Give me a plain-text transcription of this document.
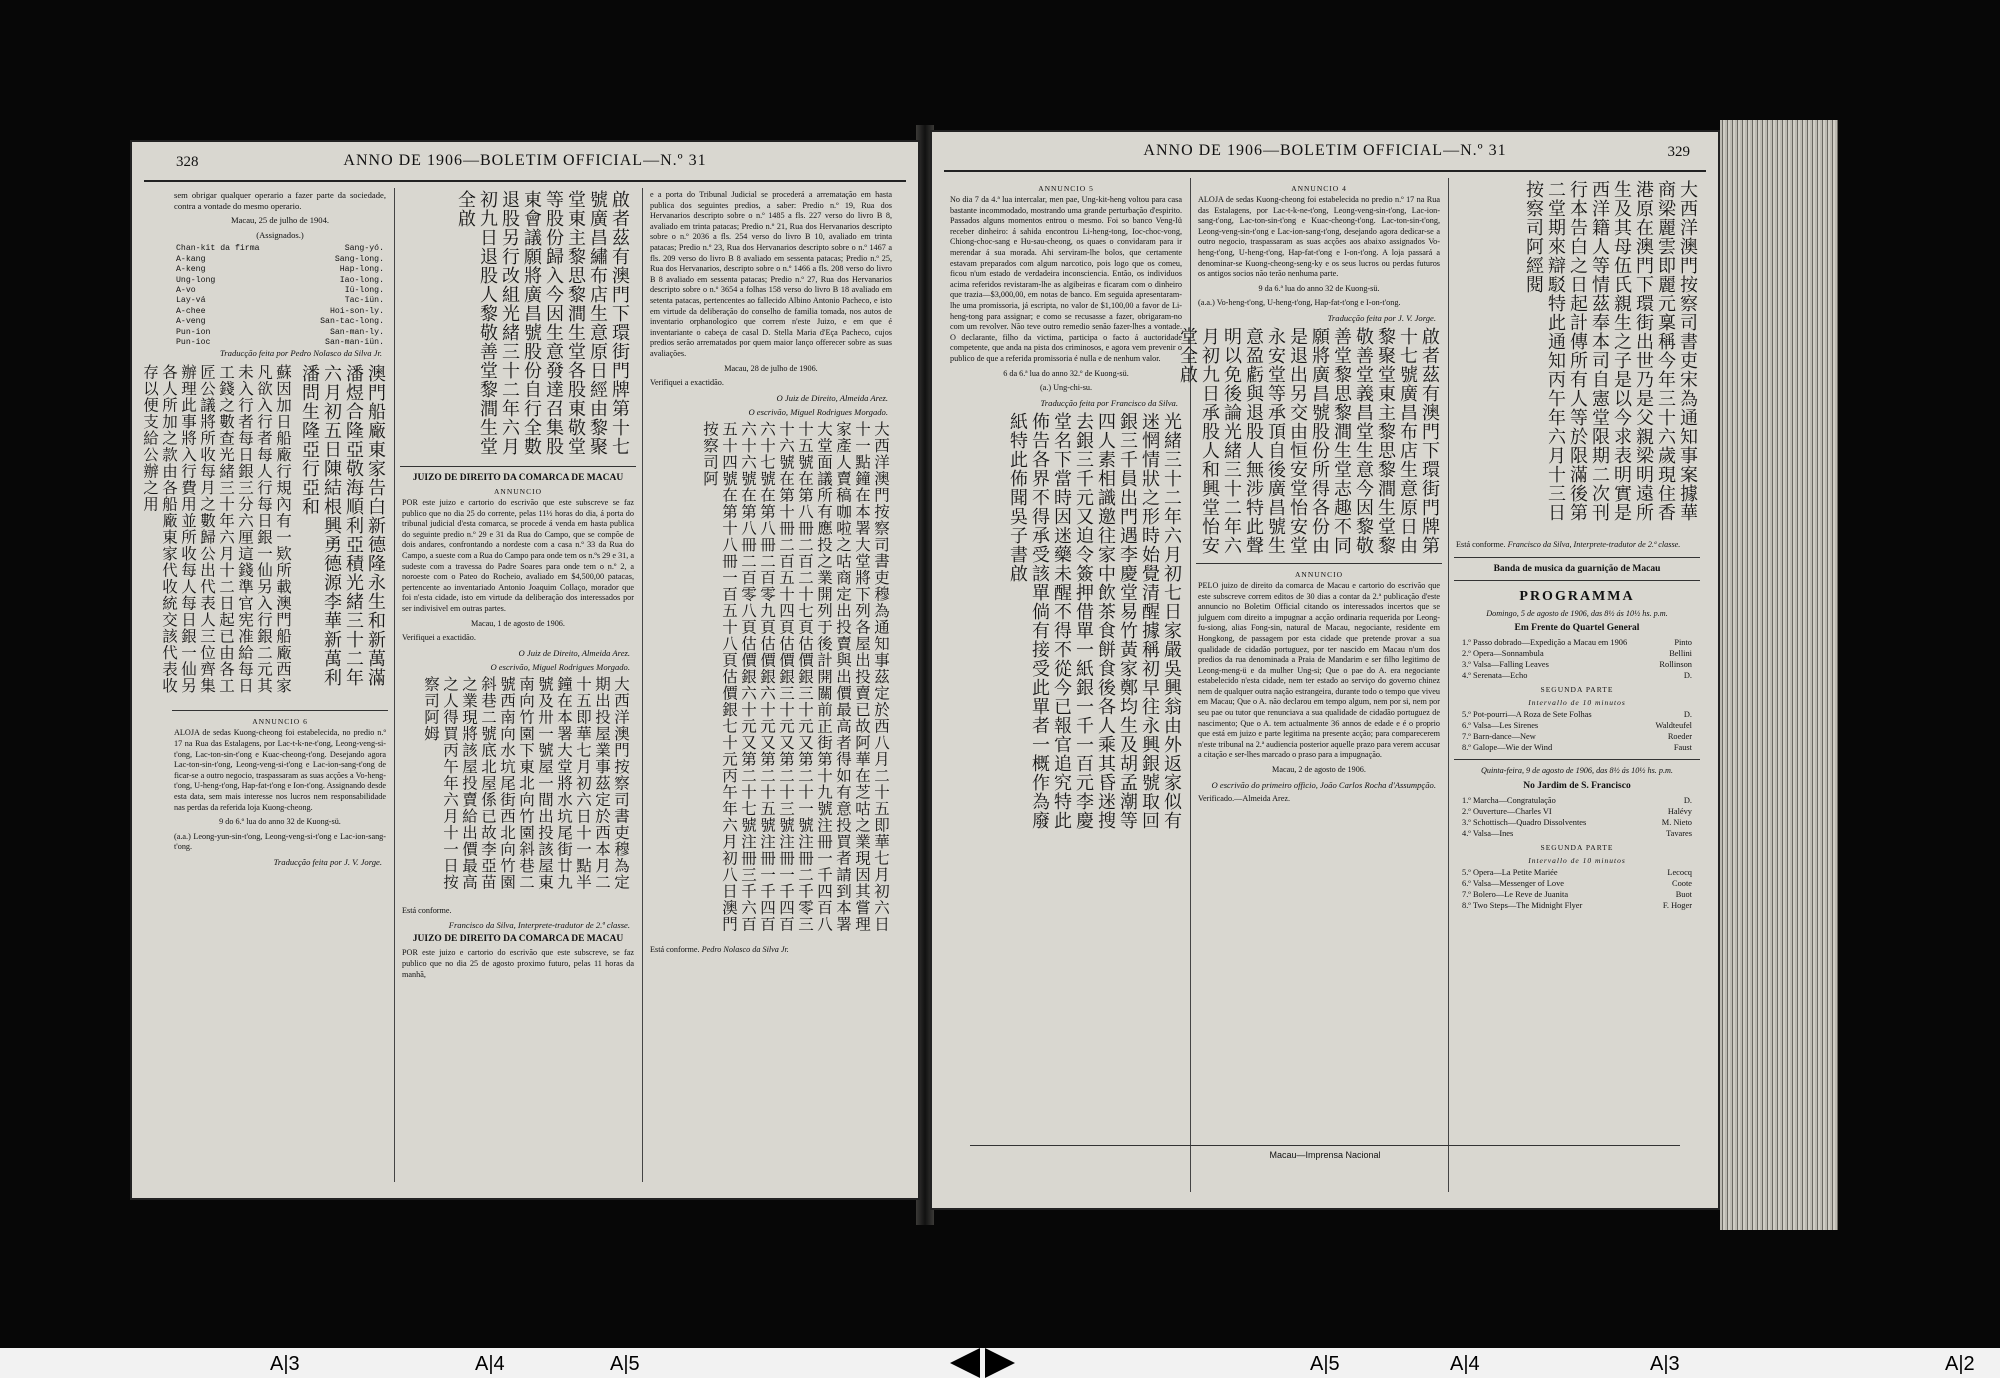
328	ANNO DE 1906—BOLETIM OFFICIAL—N.º 31

sem obrigar qualquer operario a fazer parte da sociedade, contra a vontade do mesmo operario.

Macau, 25 de julho de 1904.

(Assignados.)

Chan-kit da firma	Sang-yó.
A-kang	Sang-long.
A-keng	Hap-long.
Ung-long	Iao-long.
A-vo	Iü-long.
Lay-vá	Tac-iün.
A-chee	Hoi-son-ly.
A-veng	San-tac-long.
Pun-ion	San-man-ly.
Pun-ioc	San-man-iün.

Traducção feita por Pedro Nolasco da Silva Jr.

蘇因加日船廠行規內有一欵所載澳門船廠西家凡欲入行者每人行每日銀一仙另入行銀二元其未入行者每日銀三分六厘這錢準官宪准給每日工錢之數查光緒三十年六月十二日起已由各工匠公議將所收每月之數歸公出代表人三位齊集辦理此事將入行費用並所收每人每日銀一仙另各人所加之款由各船廠東家代收統交該代表收存以便支給公辦之用	澳門船廠東家告白新德隆永生和新萬滿潘煜合隆亞敬海順利亞積光緒三十二年六月初五日陳結根興勇德源李華新萬利潘問生隆亞行亞和
ANNUNCIO 6

ALOJA de sedas Kuong-cheong foi estabelecida, no predio n.º 17 na Rua das Estalagens, por Lac-t-k-ne-t'ong, Leong-veng-si-t'ong, Lac-ton-sin-t'ong e Kuac-cheong-t'ong. Desejando agora Lac-ton-sin-t'ong, Leong-veng-si-t'ong e Lac-ion-sang-t'ong de ficar-se a outro negocio, traspassaram as suas acções a Vo-heng-t'ong, U-heng-t'ong, Hap-fat-t'ong e Ion-t'ong. Assignando desde esta data, sem mais interesse nos lucros nem responsabilidade nas perdas da referida loja Kuong-cheong.

9 do 6.º lua do anno 32 de Kuong-sü.

(a.a.) Leong-yun-sin-t'ong, Leong-veng-si-t'ong e Lac-ion-sang-t'ong.

Traducção feita por J. V. Jorge.

啟者茲有澳門下環街門牌第十七號廣昌繡布店生意原日經由黎聚堂東主黎思黎澗生堂各股東敬堂等股份歸入今因生意發達召集股東會議願將廣昌號股份自行全數退股另行改組光緒三十二年六月初九日退股人黎敬善堂黎澗生堂全啟
JUIZO DE DIREITO DA COMARCA DE MACAU
ANNUNCIO

POR este juizo e cartorio do escrivão que este subscreve se faz publico que no dia 25 do corrente, pelas 11½ horas do dia, á porta do tribunal judicial d'esta comarca, se procede á venda em hasta publica do seguinte predio n.º 29 e 31 da Rua do Campo, que se compõe de dois andares, confrontando a nordeste com a casa n.º 33 da Rua do Campo, a sueste com a Rua do Campo para onde tem os n.ºs 29 e 31, a sudeste com a travessa do Padre Soares para onde tem o n.º 2, a noroeste com o Pateo do Rocheio, avaliado em $4,500,00 patacas, pertencente ao inventariado Antonio Joaquim Collaço, morador que foi n'esta cidade, isto em virtude da deliberação dos interessados por ser indivisivel em outras partes.

Macau, 1 de agosto de 1906.

Verifiquei a exactidão.

O Juiz de Direito, Almeida Arez.

O escrivão, Miguel Rodrigues Morgado.

大西洋澳門按察司書吏穆為定期出投屋業事茲定於西本月二十五即華七月初六日十一點半鐘在本署大堂將水坑尾街廿九號及卅一號屋一間出投該屋東南向竹園下東北向竹園斜巷二號西南向水坑尾街西北向竹園斜巷二號底北屋係已故李亞苗之業現將該屋投賣給出價最高之人得買丙午年六月十一日按察司阿姆

Está conforme.

Francisco da Silva, Interprete-tradutor de 2.ª classe.

JUIZO DE DIREITO DA COMARCA DE MACAU

POR este juizo e cartorio do escrivão que este subscreve, se faz publico que no dia 25 de agosto proximo futuro, pelas 11 horas da manhã,

e a porta do Tribunal Judicial se procederá a arrematação em hasta publica dos seguintes predios, a saber: Predio n.º 19, Rua dos Hervanarios descripto sobre o n.º 1485 a fls. 227 verso do livro B 8, avaliado em trinta patacas; Predio n.º 21, Rua dos Hervanarios descripto sobre o n.º 2036 a fls. 254 verso do livro B 10, avaliado em trinta patacas; Predio n.º 23, Rua dos Hervanarios descripto sobre o n.º 1467 a fls. 209 verso do livro B 8 avaliado em sessenta patacas; Predio n.º 25, Rua dos Hervanarios, descripto sobre o n.º 1466 a fls. 208 verso do livro B 8 avaliado em sessenta patacas; Predio n.º 27, Rua dos Hervanarios descripto sobre o n.º 3654 a folhas 158 verso do livro B 18 avaliado em setenta patacas, pertencentes ao fallecido Albino Antonio Pacheco, e isto em virtude da deliberação do conselho de familia tomada, nos autos de inventario orphanologico que correm n'este Juizo, e em que é inventariante o cabeça de casal D. Stella Maria d'Eça Pacheco, cujos predios serão arrematados por quem maior lanço offerecer sobre as suas avaliações.

Macau, 28 de julho de 1906.

Verifiquei a exactidão.

O Juiz de Direito, Almeida Arez.

O escrivão, Miguel Rodrigues Morgado.

大西洋澳門按察司書吏穆為通知事茲定於西八月二十五即華七月初六日十一點鐘在本署大堂將下列各屋出投賣已故阿華在芝咕之業現因其嘗理家產人賣稿咖啦之咕商定出投賣與出價最高者得如有意投買者請到本署大堂面議所有應投之業開列于後計開關前正街第十九號注冊一千四百八十五號在第八冊二百二十七頁估價銀三十元又第二十一號注冊二千零三十六號在第十冊二百五十四頁估價銀三十元又第二十三號注冊一千四百六十七號在第八冊二百零九頁估價銀六十元又第二十五號注冊一千四百六十六號在第八冊二百零八頁估價銀六十元又第二十七號注冊三千六百五十四號在第十八冊一百五十八頁估價銀七十元丙午年六月初八日澳門按察司阿

Está conforme. Pedro Nolasco da Silva Jr.

ANNO DE 1906—BOLETIM OFFICIAL—N.º 31	329
ANNUNCIO 5

No dia 7 da 4.ª lua intercalar, men pae, Ung-kit-heng voltou para casa bastante incommodado, mostrando uma grande perturbação d'espirito. Passados alguns momentos entrou o mesmo. Foi so banco Veng-Iü receber dinheiro: á sahida encontrou Li-heng-tong, Ioc-choc-vong, Chiong-choc-sang e Hu-sau-cheong, os quaes o convidaram para ir merendar á sua morada. Ahi serviram-lhe bolos, que certamente estavam preparados com algum narcotico, pois logo que os comeu, ficou n'um estado de verdadeira inconsciencia. Então, os individuos acima referidos revistaram-lhe as algibeiras e ficaram com o dinheiro que trazia—$3,000,00, em notas de banco. Em seguida apresentaram-lhe uma promissoria, já escripta, no valor de $1,100,00 a favor de Li-heng-tong para assignar; e como se recusasse a fazer, obrigaram-no com um revolver. Não teve outro remedio senão fazer-lhes a vontade. O declarante, filho da victima, participa o facto á auctoridade competente, que anda na pista dos criminosos, e agora vem prevenir o publico de que a referida promissoria é nulla e de nenhum valor.

6 da 6.ª lua do anno 32.º de Kuong-sü.

(a.) Ung-chi-su.

Traducção feita por Francisco da Silva.

光緒三十二年六月初七日家嚴吳興翁由外返家似有迷惘情狀之形時始覺清醒據稱初早往永興銀號取回銀三千員出門遇李慶堂易竹黃家鄭均生及胡孟潮等四人素相識邀往家中飲茶食餅食後各人乘其昏迷搜去銀三千元又迫令簽押借單一紙銀一千一百元李慶堂名下當時因迷藥未醒不得不從今已報官追究特此佈告各界不得承受該單倘有接受此單者一概作為廢紙特此佈聞吳子書啟
ANNUNCIO 4

ALOJA de sedas Kuong-cheong foi estabelecida no predio n.º 17 na Rua das Estalagens, por Lac-t-k-ne-t'ong, Leong-veng-sin-t'ong, Lac-ion-sang-t'ong, Lac-ton-sin-t'ong e Kuac-cheong-t'ong. Lac-ton-sin-t'ong, Leong-veng-sin-t'ong e Lac-ion-sang-t'ong, desejando agora dedicar-se a outro negocio, traspassaram as suas acções aos abaixo assignados Vo-heng-t'ong, U-heng-t'ong, Hap-fat-t'ong e I-on-t'ong. A loja passará a denominar-se Kuong-cheong-seng-ky e os seus lucros ou perdas futuros os antigos socios não terão nenhuma parte.

9 da 6.ª lua do anno 32 de Kuong-sü.

(a.a.) Vo-heng-t'ong, U-heng-t'ong, Hap-fat-t'ong e I-on-t'ong.

Traducção feita por J. V. Jorge.

啟者茲有澳門下環街門牌第十七號廣昌布店生意原日由黎聚堂東主黎思黎澗生堂黎敬善堂義昌堂生意今因黎敬善堂黎思黎澗生堂志趣不同願將廣昌號股份所得各份由是退出另交由恒安堂怡安堂永安堂等承頂自後廣昌號生意盈虧與退股人無涉特此聲明以免後論光緒三十二年六月初九日承股人和興堂怡安堂全啟
ANNUNCIO

PELO juizo de direito da comarca de Macau e cartorio do escrivão que este subscreve correm editos de 30 dias a contar da 2.ª publicação d'este annuncio no Boletim Official citando os interessados incertos que se julguem com direito a impugnar a acção ordinaria requerida por Leong-fu-siong, alias Fong-sin, natural de Macau, negociante, residente em Hongkong, de passagem por esta cidade que pretende provar a sua qualidade de cidadão portuguez, por ter nascido em Macau n'um dos predios da rua denominada a Praia de Mandarim e ser filho legitimo de Leong-meng-ü e da mulher Ung-si; Que o pae do A. era negociante estabelecido n'esta cidade, nem ter estado ao serviço do governo chinez nem de qualquer outra nação estrangeira, durante todo o tempo que viveu em Macau; Que o A. não declarou em tempo algum, nem por si, nem por seu pae ou tutor que renunciava a sua qualidade de cidadão portuguez de nascimento; Que o A. tem actualmente 36 annos de edade e é o proprio que está em juizo e parte legitima na presente acção; para comparecerem n'este tribunal na 2.ª audiencia posterior aquelle prazo para verem accusar a citação e ser-lhes marcado o praso para a impugnação.

Macau, 2 de agosto de 1906.

O escrivão do primeiro officio, João Carlos Rocha d'Assumpção.

Verificado.—Almeida Arez.

大西洋澳門按察司書吏宋為通知事案據華商梁麗雲即麗元稟稱今年三十六歲現住香港原在澳門下環街出世乃是父親梁明遠所生及其母伍氏親生之子是以今求表明實是西洋籍人等情茲奉本司自憲堂限期二次刊行本告白之日起計傳所有人等於限滿後第二堂期來辯駁特此通知丙午年六月十三日按察司阿經閱

Está conforme. Francisco da Silva, Interprete-tradutor de 2.ª classe.

Banda de musica da guarnição de Macau
PROGRAMMA

Domingo, 5 de agosto de 1906, das 8½ ás 10½ hs. p.m.

Em Frente do Quartel General
1.º Passo dobrado—Expedição a Macau em 1906	Pinto
2.º Opera—Sonnambula	Bellini
3.º Valsa—Falling Leaves	Rollinson
4.º Serenata—Echo	D.
SEGUNDA PARTE
Intervallo de 10 minutos
5.º Pot-pourri—A Roza de Sete Folhas	D.
6.º Valsa—Les Sirenes	Waldteufel
7.º Barn-dance—New	Roeder
8.º Galope—Wie der Wind	Faust

Quinta-feira, 9 de agosto de 1906, das 8½ ás 10½ hs. p.m.

No Jardim de S. Francisco
1.º Marcha—Congratulação	D.
2.º Ouverture—Charles VI	Halévy
3.º Schottisch—Quadro Dissolventes	M. Nieto
4.º Valsa—Ines	Tavares
SEGUNDA PARTE
Intervallo de 10 minutos
5.º Opera—La Petite Mariée	Lecocq
6.º Valsa—Messenger of Love	Coote
7.º Bolero—Le Reve de Juanita	Buot
8.º Two Steps—The Midnight Flyer	F. Hoger
Macau—Imprensa Nacional
A|3	A|4	A|5	A|5	A|4	A|3	A|2
